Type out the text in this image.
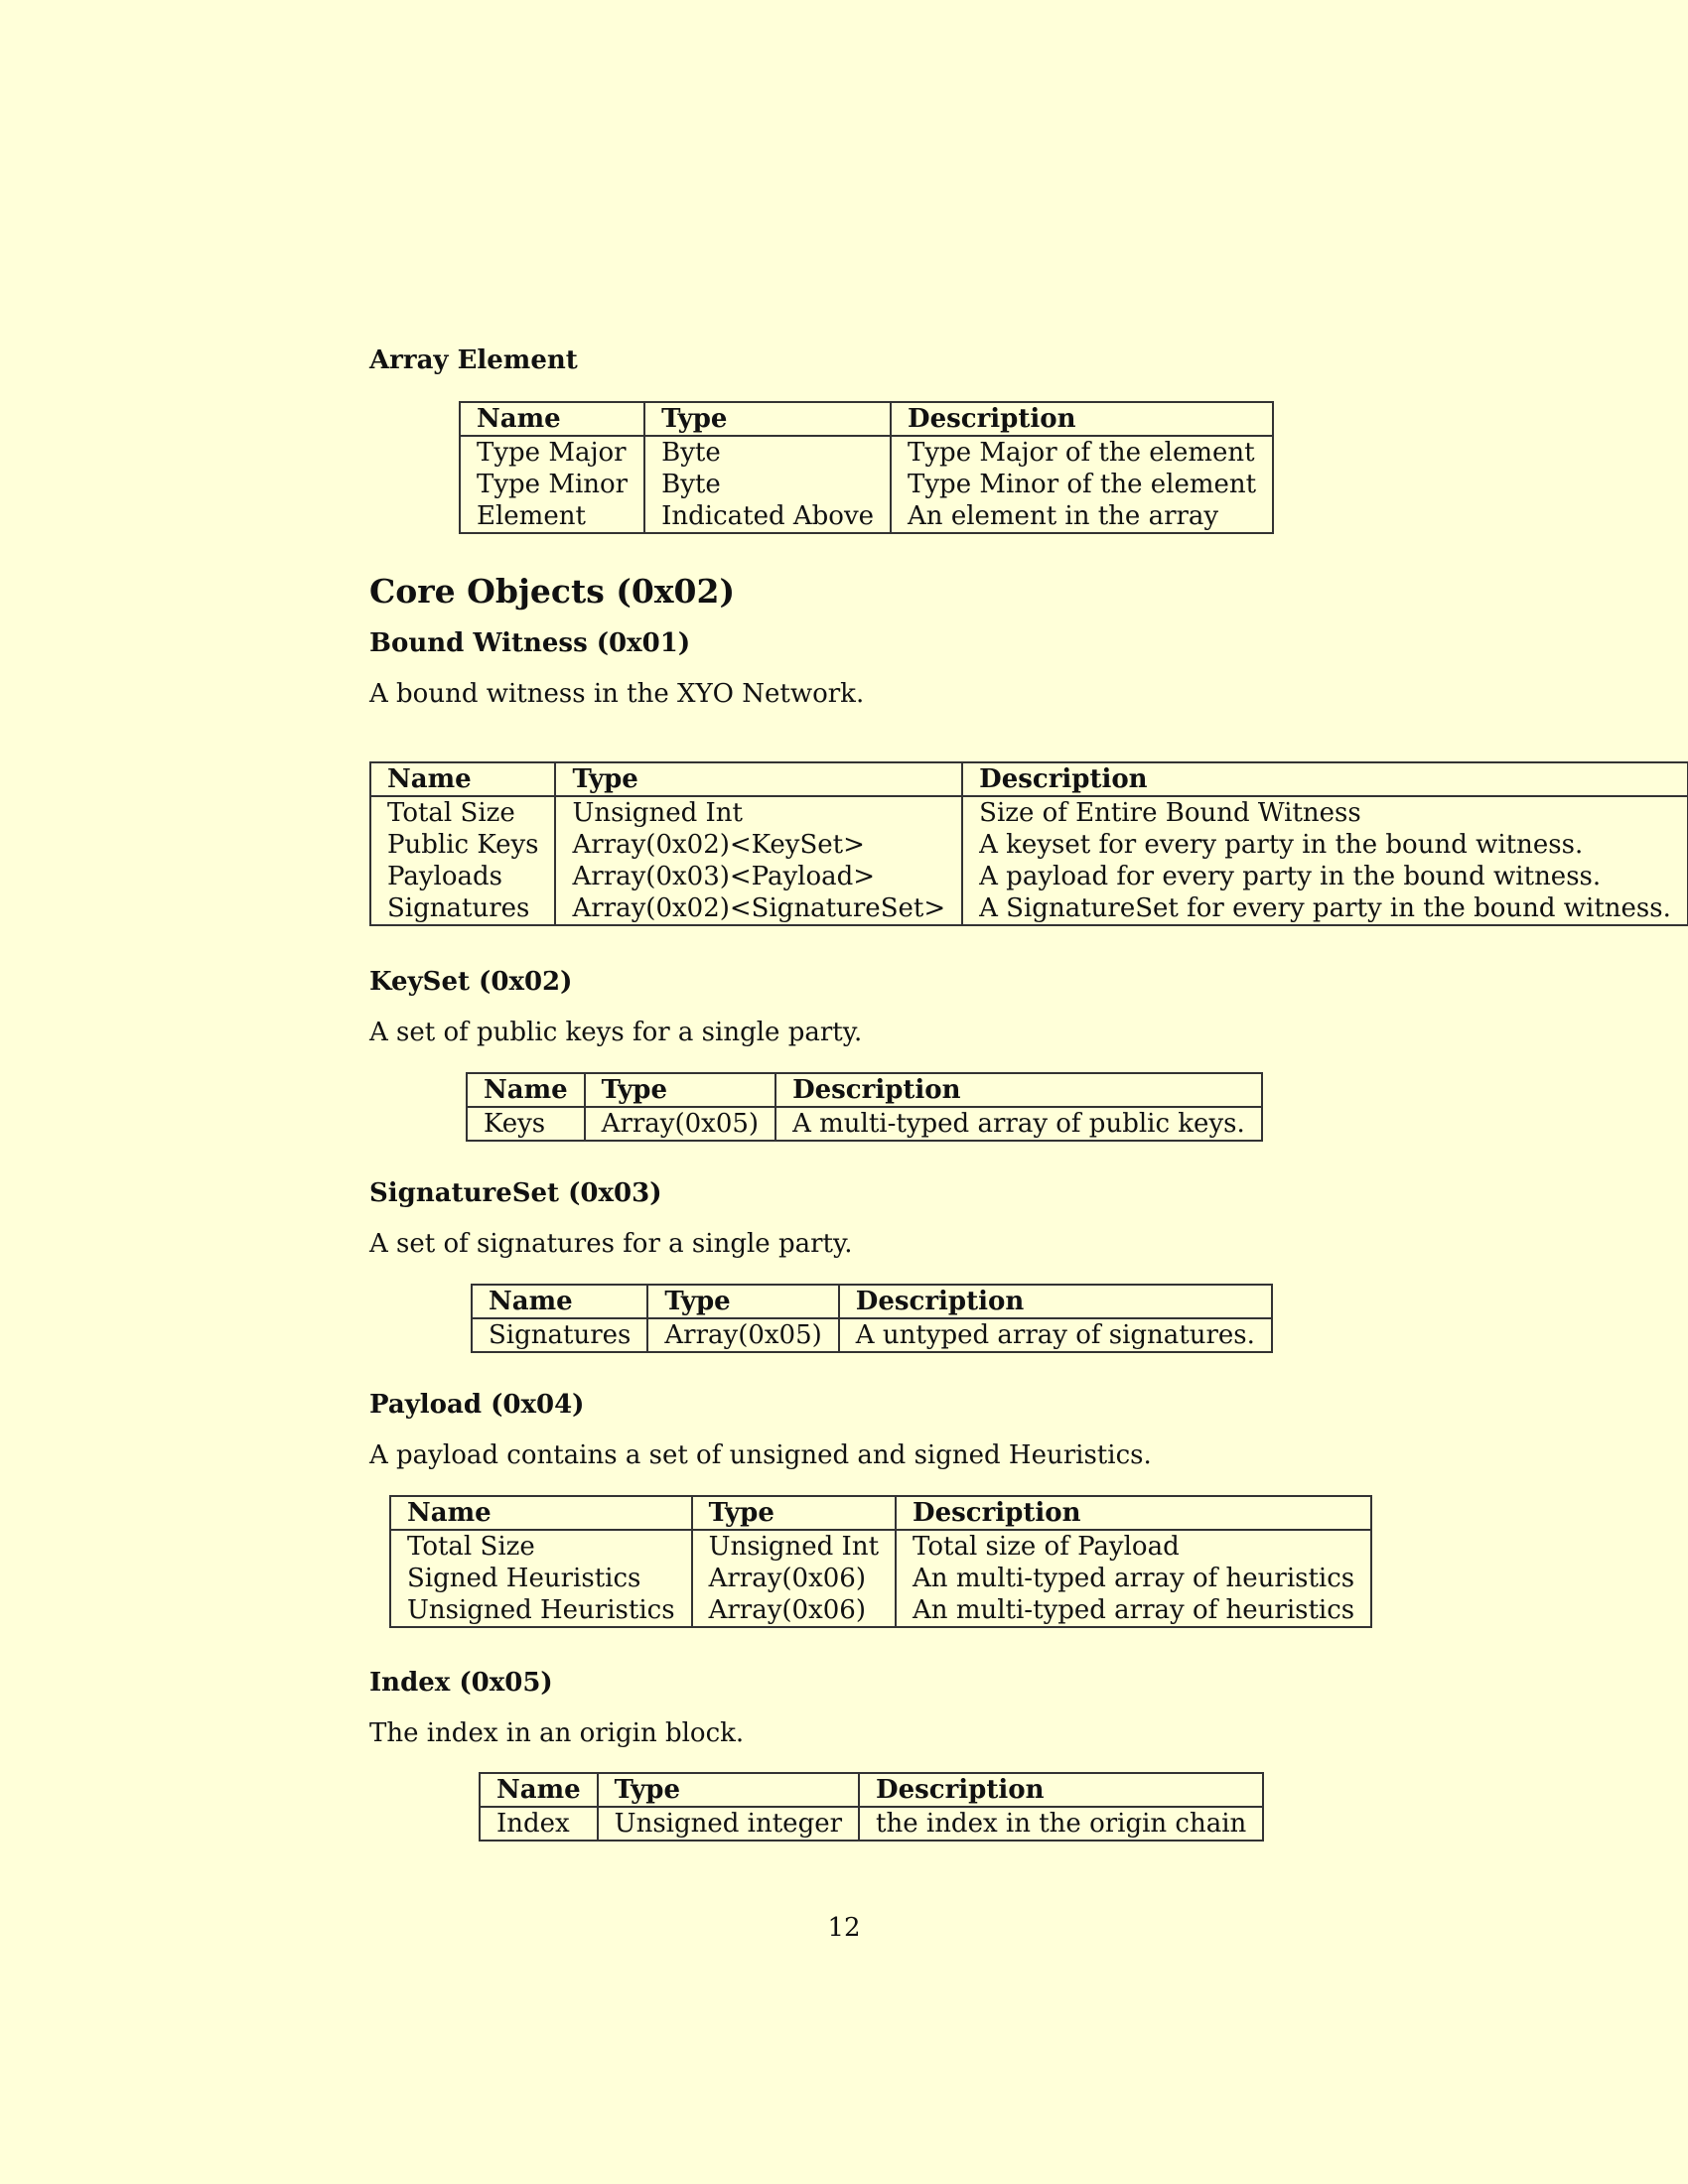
Array Element
Name	Type	Description
Type Major	Byte	Type Major of the element
Type Minor	Byte	Type Minor of the element
Element	Indicated Above	An element in the array
Core Objects (0x02)
Bound Witness (0x01)

A bound witness in the XYO Network.

Name	Type	Description
Total Size	Unsigned Int	Size of Entire Bound Witness
Public Keys	Array(0x02)<KeySet>	A keyset for every party in the bound witness.
Payloads	Array(0x03)<Payload>	A payload for every party in the bound witness.
Signatures	Array(0x02)<SignatureSet>	A SignatureSet for every party in the bound witness.
KeySet (0x02)

A set of public keys for a single party.

Name	Type	Description
Keys	Array(0x05)	A multi-typed array of public keys.
SignatureSet (0x03)

A set of signatures for a single party.

Name	Type	Description
Signatures	Array(0x05)	A untyped array of signatures.
Payload (0x04)

A payload contains a set of unsigned and signed Heuristics.

Name	Type	Description
Total Size	Unsigned Int	Total size of Payload
Signed Heuristics	Array(0x06)	An multi-typed array of heuristics
Unsigned Heuristics	Array(0x06)	An multi-typed array of heuristics
Index (0x05)

The index in an origin block.

Name	Type	Description
Index	Unsigned integer	the index in the origin chain
12
